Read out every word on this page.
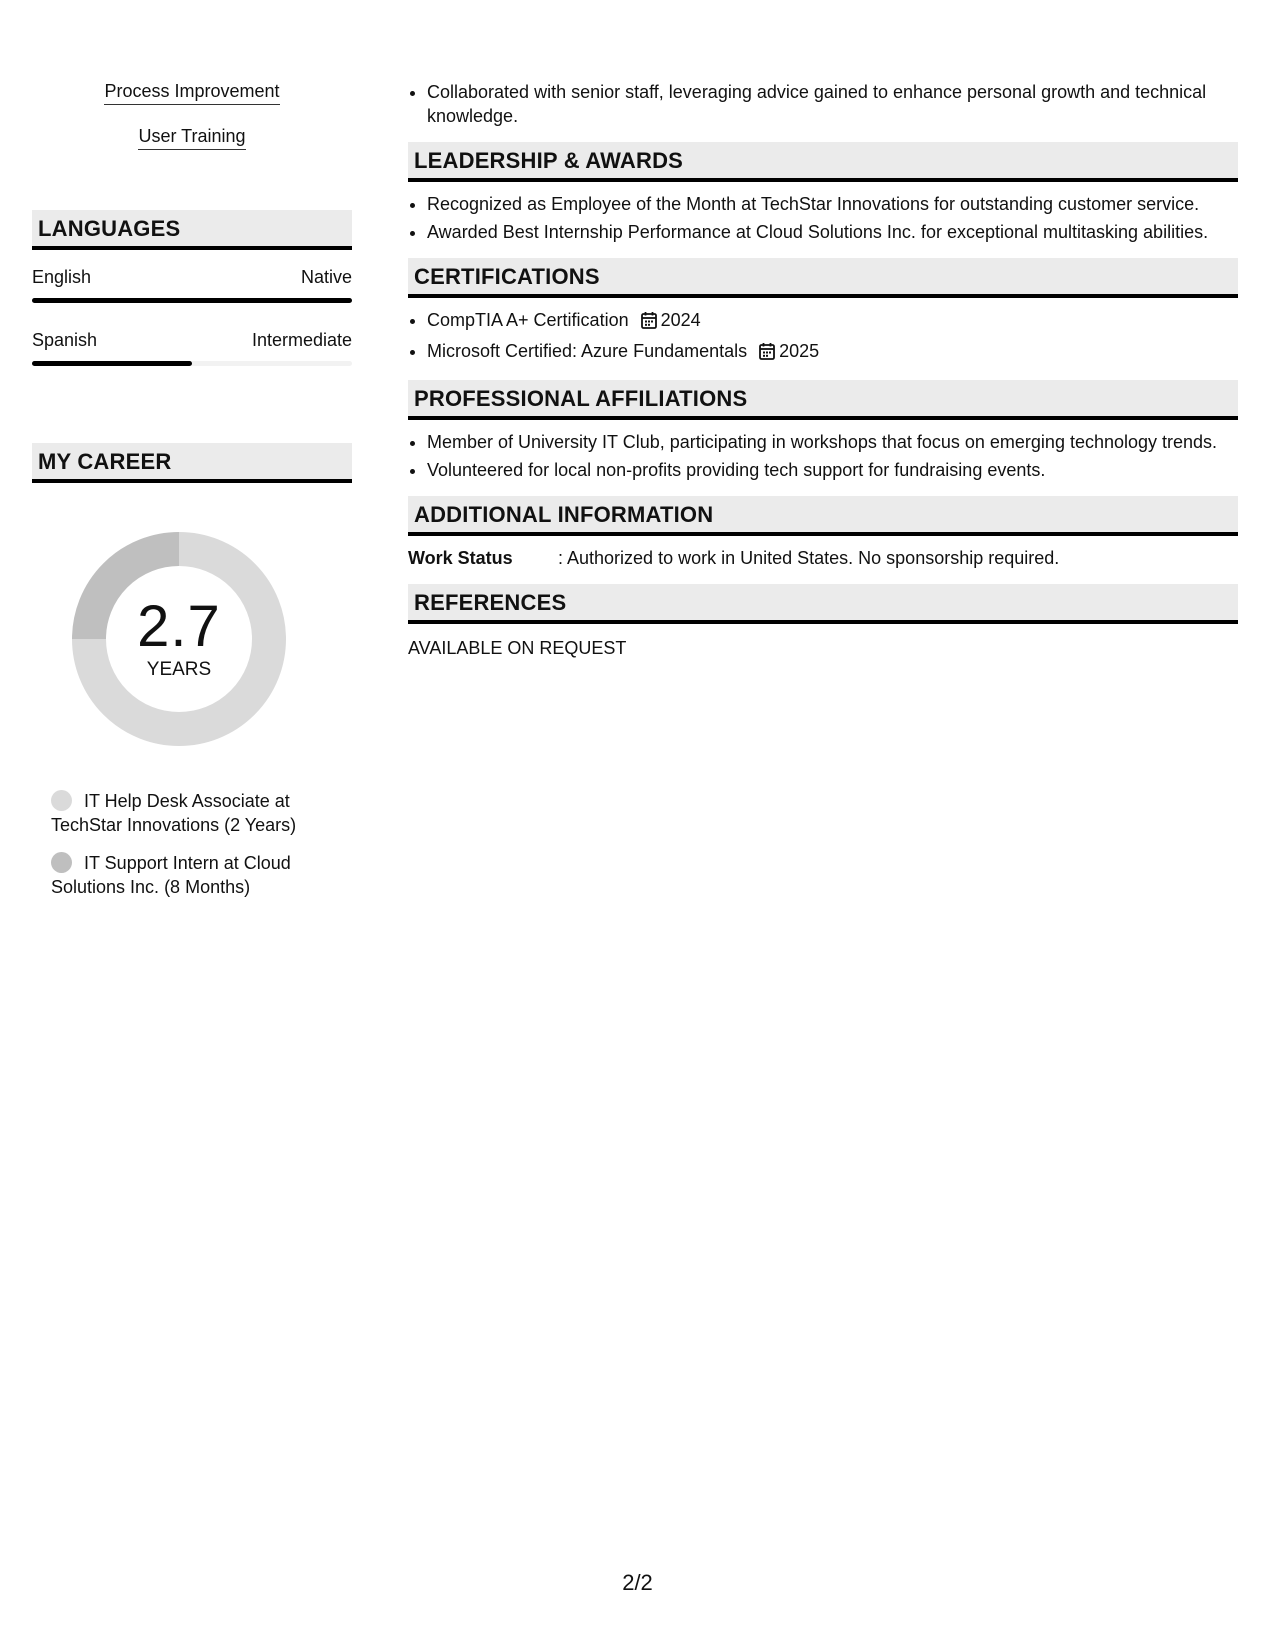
Process Improvement
User Training
LANGUAGES
English	Native
Spanish	Intermediate
MY CAREER
2.7
YEARS
IT Help Desk Associate at TechStar Innovations (2 Years)
IT Support Intern at Cloud Solutions Inc. (8 Months)
• Collaborated with senior staff, leveraging advice gained to enhance personal growth and technical knowledge.
LEADERSHIP & AWARDS
• Recognized as Employee of the Month at TechStar Innovations for outstanding customer service.
• Awarded Best Internship Performance at Cloud Solutions Inc. for exceptional multitasking abilities.
CERTIFICATIONS
• CompTIA A+ Certification 2024
• Microsoft Certified: Azure Fundamentals 2025
PROFESSIONAL AFFILIATIONS
• Member of University IT Club, participating in workshops that focus on emerging technology trends.
• Volunteered for local non-profits providing tech support for fundraising events.
ADDITIONAL INFORMATION
Work Status	: Authorized to work in United States. No sponsorship required.
REFERENCES
AVAILABLE ON REQUEST
2/2
